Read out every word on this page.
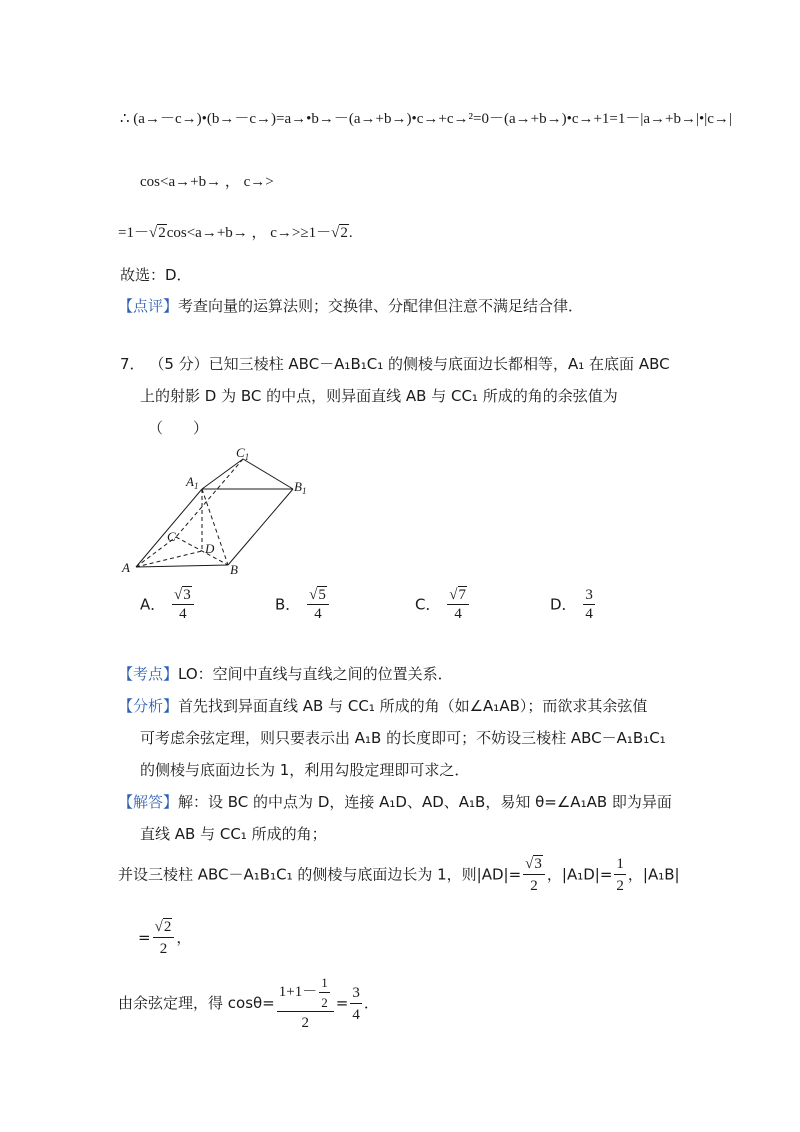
∴ (a→－c→)•(b→－c→)=a→•b→－(a→+b→)•c→+c→²=0－(a→+b→)•c→+1=1－|a→+b→|•|c→|
cos<a→+b→ ， c→>
=1－√2cos<a→+b→ ， c→>≥1－√2.
故选：D．
【点评】考查向量的运算法则；交换律、分配律但注意不满足结合律．
7． （5 分）已知三棱柱 ABC－A₁B₁C₁ 的侧棱与底面边长都相等，A₁ 在底面 ABC
上的射影 D 为 BC 的中点，则异面直线 AB 与 CC₁ 所成的角的余弦值为
（　　）
A	B
C
D
$A_1$	$B_1$
$C_1$
A． $\frac{√3}{4}$	B． $\frac{√5}{4}$	C． $\frac{√7}{4}$	D． $\frac{3}{4}$
【考点】LO：空间中直线与直线之间的位置关系．
【分析】首先找到异面直线 AB 与 CC₁ 所成的角（如∠A₁AB）；而欲求其余弦值
可考虑余弦定理，则只要表示出 A₁B 的长度即可；不妨设三棱柱 ABC－A₁B₁C₁
的侧棱与底面边长为 1，利用勾股定理即可求之．
【解答】解：设 BC 的中点为 D，连接 A₁D、AD、A₁B，易知 θ=∠A₁AB 即为异面
直线 AB 与 CC₁ 所成的角；
并设三棱柱 ABC－A₁B₁C₁ 的侧棱与底面边长为 1，则$|AD|= \frac{√3}{2}$ ，$|A_1D|= \frac{1}{2}$ ，|A₁B|
= $\frac{√2}{2}$ ，
由余弦定理，得 $\cos\theta= \frac{1+1- \frac{1}{2}}{2} = \frac{3}{4}$ ．
